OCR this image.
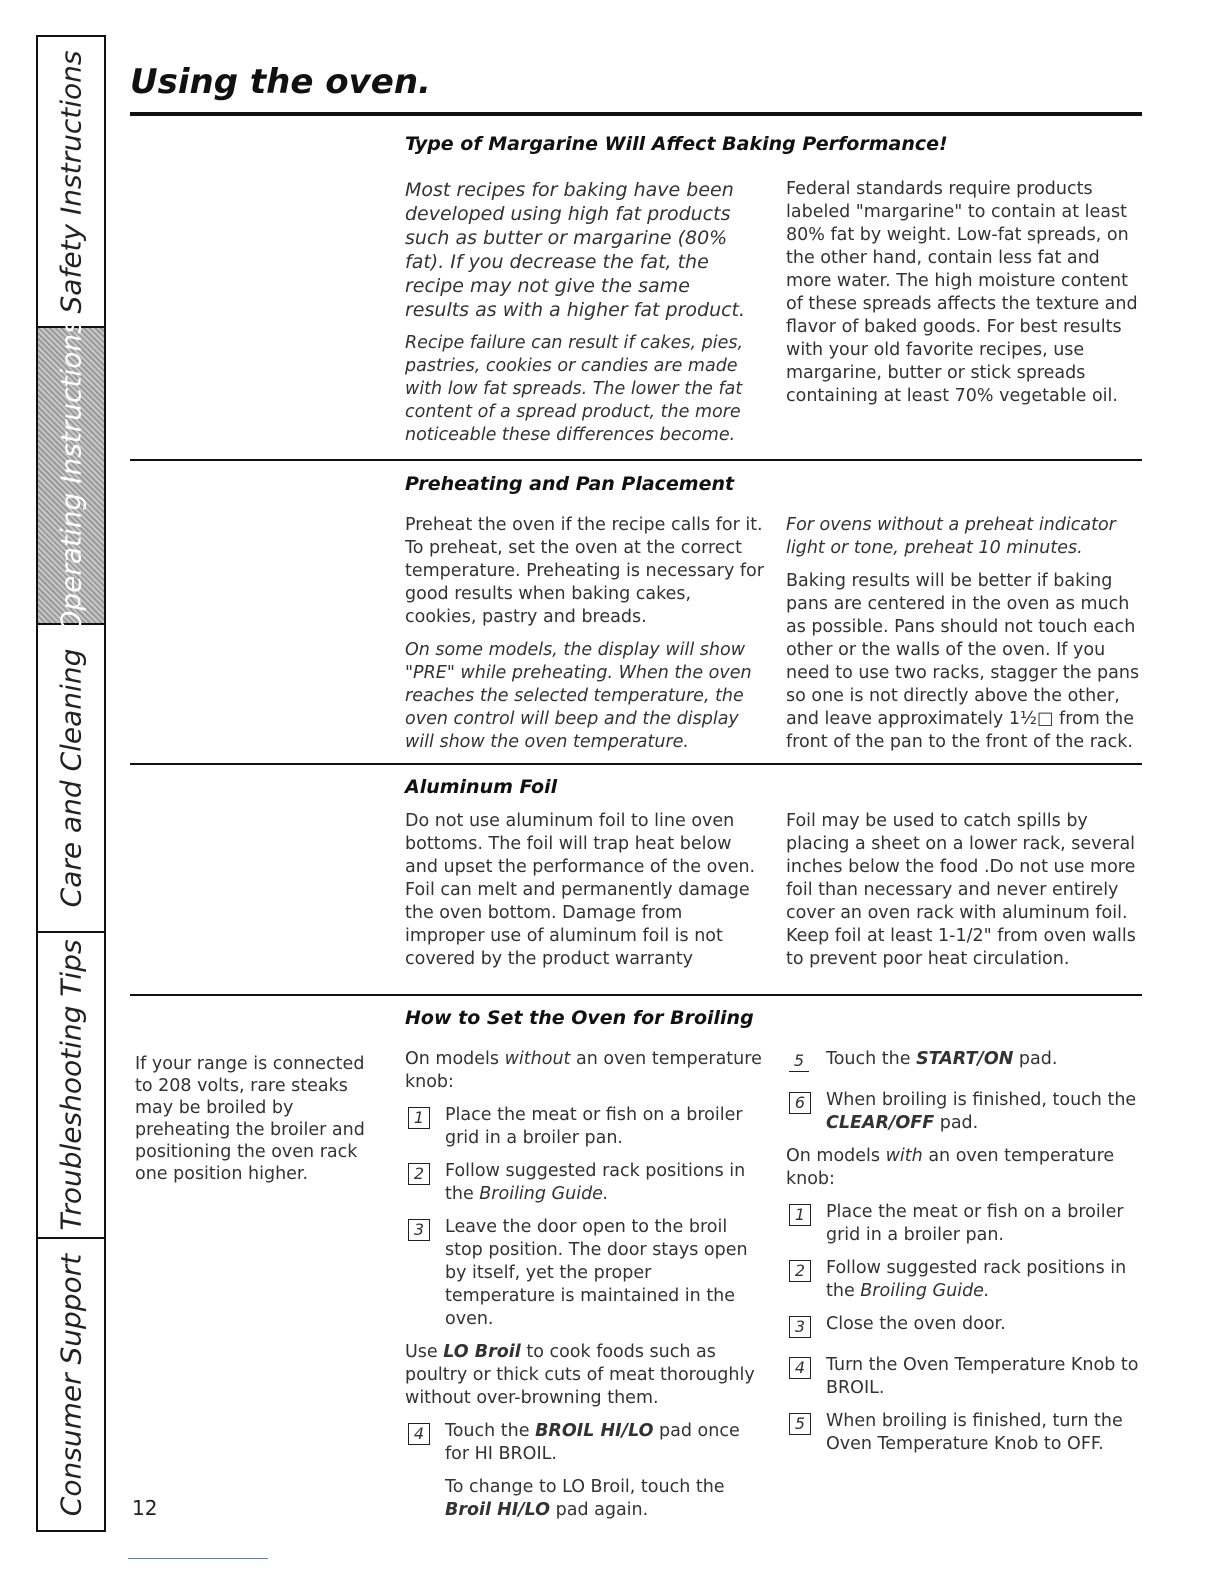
Safety Instructions
Operating Instructions
Care and Cleaning
Troubleshooting Tips
Consumer Support
Using the oven.
Type of Margarine Will Affect Baking Performance!

Most recipes for baking have been developed using high fat products such as butter or margarine (80% fat). If you decrease the fat, the recipe may not give the same results as with a higher fat product.

Recipe failure can result if cakes, pies, pastries, cookies or candies are made with low fat spreads. The lower the fat content of a spread product, the more noticeable these differences become.

Federal standards require products labeled "margarine" to contain at least 80% fat by weight. Low-fat spreads, on the other hand, contain less fat and more water. The high moisture content of these spreads affects the texture and flavor of baked goods. For best results with your old favorite recipes, use margarine, butter or stick spreads containing at least 70% vegetable oil.

Preheating and Pan Placement

Preheat the oven if the recipe calls for it. To preheat, set the oven at the correct temperature. Preheating is necessary for good results when baking cakes, cookies, pastry and breads.

On some models, the display will show "PRE" while preheating. When the oven reaches the selected temperature, the oven control will beep and the display will show the oven temperature.

For ovens without a preheat indicator light or tone, preheat 10 minutes.

Baking results will be better if baking pans are centered in the oven as much as possible. Pans should not touch each other or the walls of the oven. If you need to use two racks, stagger the pans so one is not directly above the other, and leave approximately 1½□ from the front of the pan to the front of the rack.

Aluminum Foil

Do not use aluminum foil to line oven bottoms. The foil will trap heat below and upset the performance of the oven. Foil can melt and permanently damage the oven bottom. Damage from improper use of aluminum foil is not covered by the product warranty

Foil may be used to catch spills by placing a sheet on a lower rack, several inches below the food .Do not use more foil than necessary and never entirely cover an oven rack with aluminum foil. Keep foil at least 1-1/2" from oven walls to prevent poor heat circulation.

How to Set the Oven for Broiling

If your range is connected to 208 volts, rare steaks may be broiled by preheating the broiler and positioning the oven rack one position higher.

On models without an oven temperature knob:

1	Place the meat or fish on a broiler grid in a broiler pan.
2	Follow suggested rack positions in the Broiling Guide.
3	Leave the door open to the broil stop position. The door stays open by itself, yet the proper temperature is maintained in the oven.

Use LO Broil to cook foods such as poultry or thick cuts of meat thoroughly without over-browning them.

4	Touch the BROIL HI/LO pad once for HI BROIL.
To change to LO Broil, touch the Broil HI/LO pad again.
5 Touch the START/ON pad.
6	When broiling is finished, touch the CLEAR/OFF pad.

On models with an oven temperature knob:

1	Place the meat or fish on a broiler grid in a broiler pan.
2	Follow suggested rack positions in the Broiling Guide.
3	Close the oven door.
4	Turn the Oven Temperature Knob to BROIL.
5	When broiling is finished, turn the Oven Temperature Knob to OFF.
12
